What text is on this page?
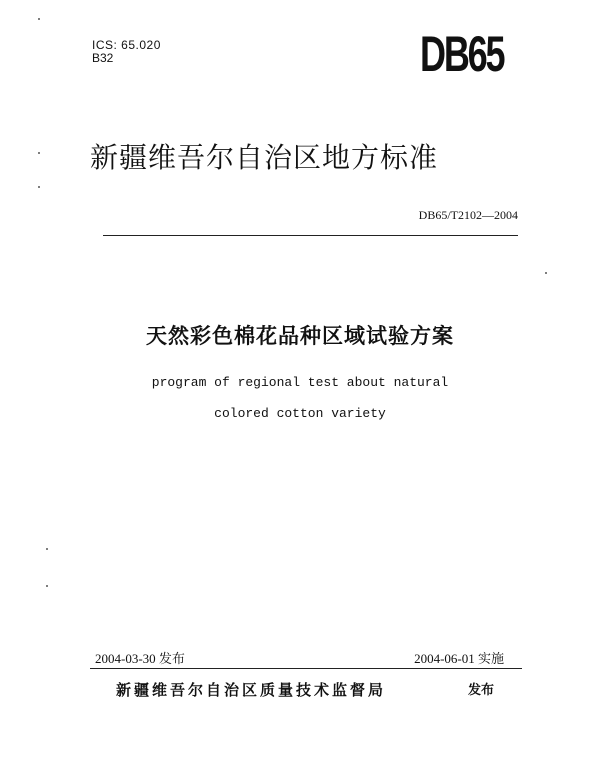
ICS: 65.020
B32	DB65
新疆维吾尔自治区地方标准
DB65/T2102—2004
天然彩色棉花品种区域试验方案
program of regional test about natural
colored cotton variety
2004-03-30 发布	2004-06-01 实施
新疆维吾尔自治区质量技术监督局	发布
